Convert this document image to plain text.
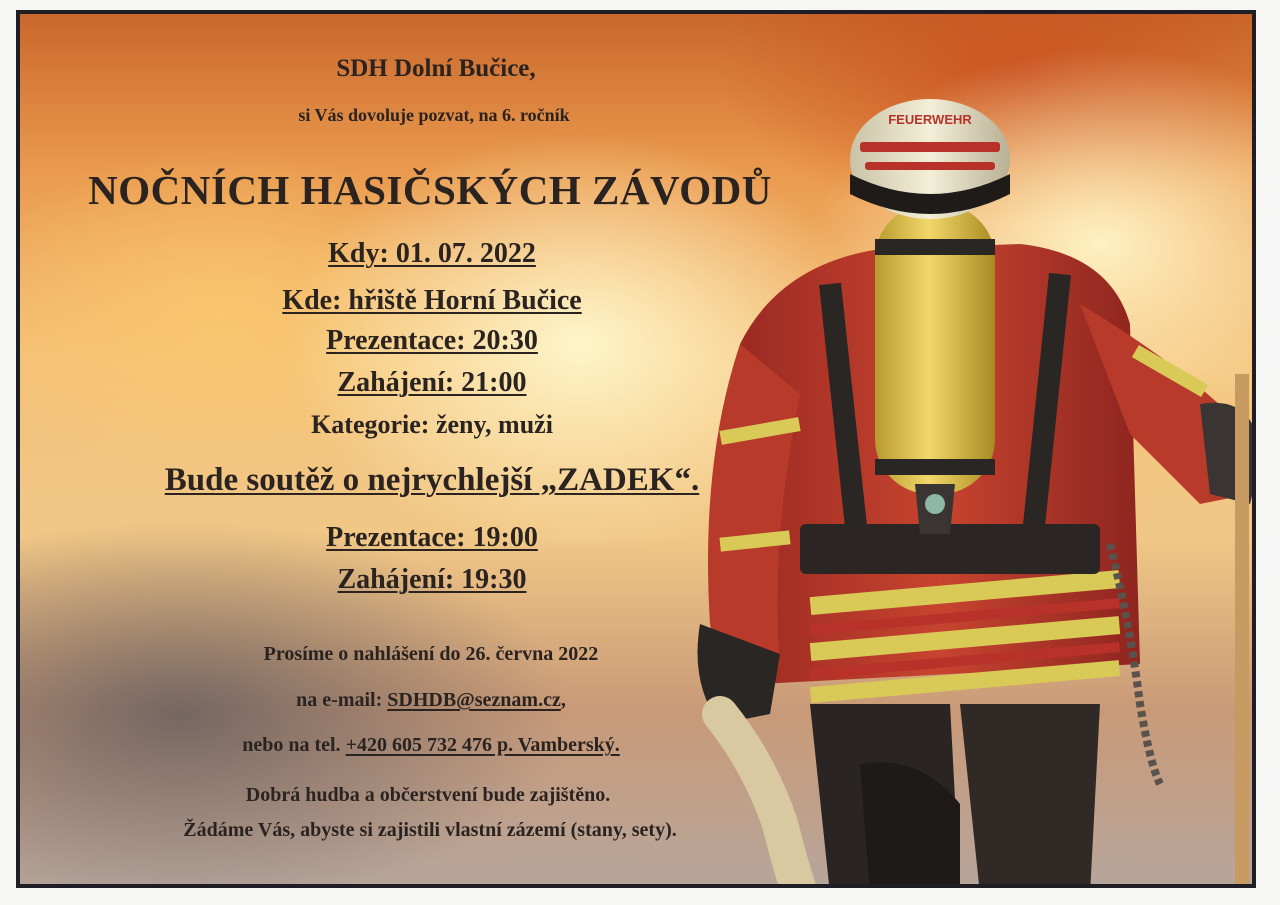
FEUERWEHR
SDH Dolní Bučice,
si Vás dovoluje pozvat, na 6. ročník
NOČNÍCH HASIČSKÝCH ZÁVODŮ
Kdy: 01. 07. 2022
Kde: hřiště Horní Bučice
Prezentace: 20:30
Zahájení: 21:00
Kategorie: ženy, muži
Bude soutěž o nejrychlejší „ZADEK“.
Prezentace: 19:00
Zahájení: 19:30
Prosíme o nahlášení do 26. června 2022
na e-mail: SDHDB@seznam.cz,
nebo na tel. +420 605 732 476 p. Vamberský.
Dobrá hudba a občerstvení bude zajištěno.
Žádáme Vás, abyste si zajistili vlastní zázemí (stany, sety).
